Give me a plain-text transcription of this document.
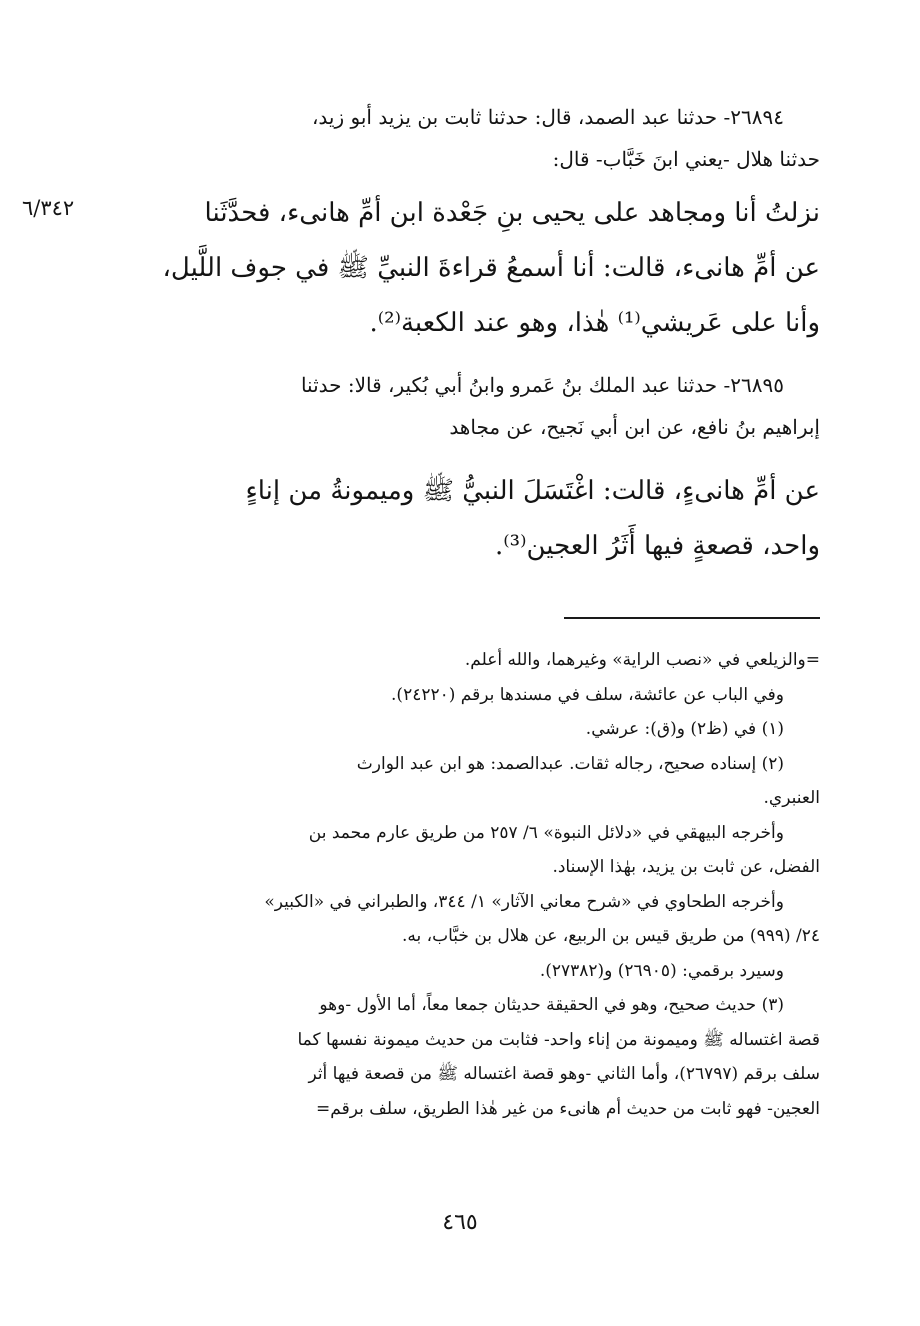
٦/٣٤٢
٢٦٨٩٤- حدثنا عبد الصمد، قال: حدثنا ثابت بن يزيد أبو زيد،
حدثنا هلال -يعني ابنَ خَبَّاب- قال:
نزلتُ أنا ومجاهد على يحيى بنِ جَعْدة ابن أمِّ هانىء، فحدَّثَنا
عن أمِّ هانىء، قالت: أنا أسمعُ قراءةَ النبيِّ ﷺ في جوف اللَّيل،
وأنا على عَريشي⁽¹⁾ هٰذا، وهو عند الكعبة⁽²⁾.
٢٦٨٩٥- حدثنا عبد الملك بنُ عَمرو وابنُ أبي بُكير، قالا: حدثنا
إبراهيم بنُ نافع، عن ابن أبي نَجيح، عن مجاهد
عن أمِّ هانىءٍ، قالت: اغْتَسَلَ النبيُّ ﷺ وميمونةُ من إناءٍ
واحد، قصعةٍ فيها أَثَرُ العجين⁽³⁾.
=والزيلعي في «نصب الراية» وغيرهما، والله أعلم.
وفي الباب عن عائشة، سلف في مسندها برقم (٢٤٢٢٠).
(١) في (ظ٢) و(ق): عرشي.
(٢) إسناده صحيح، رجاله ثقات. عبدالصمد: هو ابن عبد الوارث
العنبري.
وأخرجه البيهقي في «دلائل النبوة» ٦/ ٢٥٧ من طريق عارم محمد بن
الفضل، عن ثابت بن يزيد، بهٰذا الإسناد.
وأخرجه الطحاوي في «شرح معاني الآثار» ١/ ٣٤٤، والطبراني في «الكبير»
٢٤/ (٩٩٩) من طريق قيس بن الربيع، عن هلال بن خبَّاب، به.
وسيرد برقمي: (٢٦٩٠٥) و(٢٧٣٨٢).
(٣) حديث صحيح، وهو في الحقيقة حديثان جمعا معاً، أما الأول -وهو
قصة اغتساله ﷺ وميمونة من إناء واحد- فثابت من حديث ميمونة نفسها كما
سلف برقم (٢٦٧٩٧)، وأما الثاني -وهو قصة اغتساله ﷺ من قصعة فيها أثر
العجين- فهو ثابت من حديث أم هانىء من غير هٰذا الطريق، سلف برقم=
٤٦٥
